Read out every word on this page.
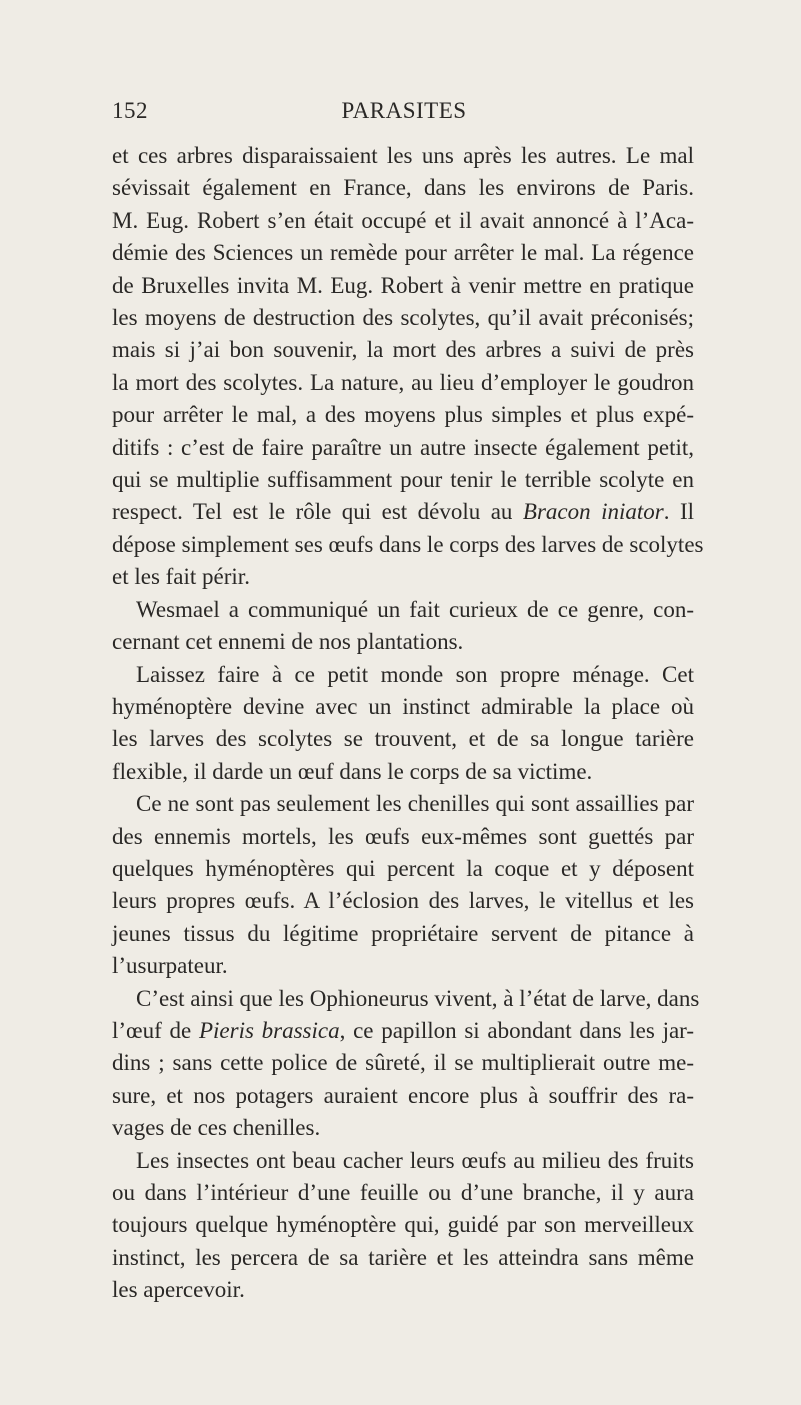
152	PARASITES
et ces arbres disparaissaient les uns après les autres. Le mal
sévissait également en France, dans les environs de Paris.
M. Eug. Robert s’en était occupé et il avait annoncé à l’Aca-
démie des Sciences un remède pour arrêter le mal. La régence
de Bruxelles invita M. Eug. Robert à venir mettre en pratique
les moyens de destruction des scolytes, qu’il avait préconisés;
mais si j’ai bon souvenir, la mort des arbres a suivi de près
la mort des scolytes. La nature, au lieu d’employer le goudron
pour arrêter le mal, a des moyens plus simples et plus expé-
ditifs : c’est de faire paraître un autre insecte également petit,
qui se multiplie suffisamment pour tenir le terrible scolyte en
respect. Tel est le rôle qui est dévolu au Bracon iniator. Il
dépose simplement ses œufs dans le corps des larves de scolytes
et les fait périr.
Wesmael a communiqué un fait curieux de ce genre, con-
cernant cet ennemi de nos plantations.
Laissez faire à ce petit monde son propre ménage. Cet
hyménoptère devine avec un instinct admirable la place où
les larves des scolytes se trouvent, et de sa longue tarière
flexible, il darde un œuf dans le corps de sa victime.
Ce ne sont pas seulement les chenilles qui sont assaillies par
des ennemis mortels, les œufs eux-mêmes sont guettés par
quelques hyménoptères qui percent la coque et y déposent
leurs propres œufs. A l’éclosion des larves, le vitellus et les
jeunes tissus du légitime propriétaire servent de pitance à
l’usurpateur.
C’est ainsi que les Ophioneurus vivent, à l’état de larve, dans
l’œuf de Pieris brassica, ce papillon si abondant dans les jar-
dins ; sans cette police de sûreté, il se multiplierait outre me-
sure, et nos potagers auraient encore plus à souffrir des ra-
vages de ces chenilles.
Les insectes ont beau cacher leurs œufs au milieu des fruits
ou dans l’intérieur d’une feuille ou d’une branche, il y aura
toujours quelque hyménoptère qui, guidé par son merveilleux
instinct, les percera de sa tarière et les atteindra sans même
les apercevoir.
